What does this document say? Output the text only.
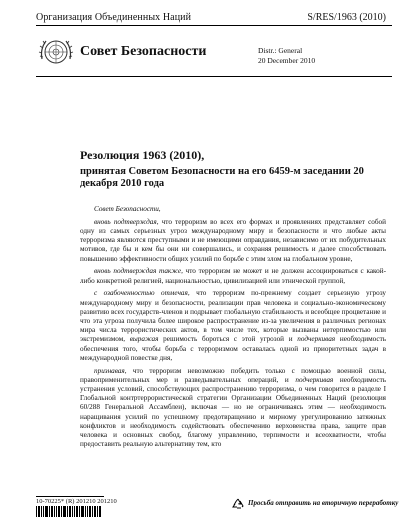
Организация Объединенных Наций	S/RES/1963 (2010)
Совет Безопасности	Distr.: General
20 December 2010
Резолюция 1963 (2010),
принятая Советом Безопасности на его 6459-м заседании 20 декабря 2010 года

Совет Безопасности,

вновь подтверждая, что терроризм во всех его формах и проявлениях представляет собой одну из самых серьезных угроз международному миру и безопасности и что любые акты терроризма являются преступными и не имеющими оправдания, независимо от их побудительных мотивов, где бы и кем бы они ни совершались, и сохраняя решимость и далее способствовать повышению эффективности общих усилий по борьбе с этим злом на глобальном уровне,

вновь подтверждая также, что терроризм не может и не должен ассоциироваться с какой-либо конкретной религией, национальностью, цивилизацией или этнической группой,

с озабоченностью отмечая, что терроризм по-прежнему создает серьезную угрозу международному миру и безопасности, реализации прав человека и социально-экономическому развитию всех государств-членов и подрывает глобальную стабильность и всеобщее процветание и что эта угроза получила более широкое распространение из-за увеличения в различных регионах мира числа террористических актов, в том числе тех, которые вызваны нетерпимостью или экстремизмом, выражая решимость бороться с этой угрозой и подчеркивая необходимость обеспечения того, чтобы борьба с терроризмом оставалась одной из приоритетных задач в международной повестке дня,

признавая, что терроризм невозможно победить только с помощью военной силы, правоприменительных мер и разведывательных операций, и подчеркивая необходимость устранения условий, способствующих распространению терроризма, о чем говорится в разделе I Глобальной контртеррористической стратегии Организации Объединенных Наций (резолюция 60/288 Генеральной Ассамблеи), включая — но не ограничиваясь этим — необходимость наращивания усилий по успешному предотвращению и мирному урегулированию затяжных конфликтов и необходимость содействовать обеспечению верховенства права, защите прав человека и основных свобод, благому управлению, терпимости и всеохватности, чтобы предоставить реальную альтернативу тем, кто

10-70225* (R) 201210 201210	Просьба отправить на вторичную переработку
